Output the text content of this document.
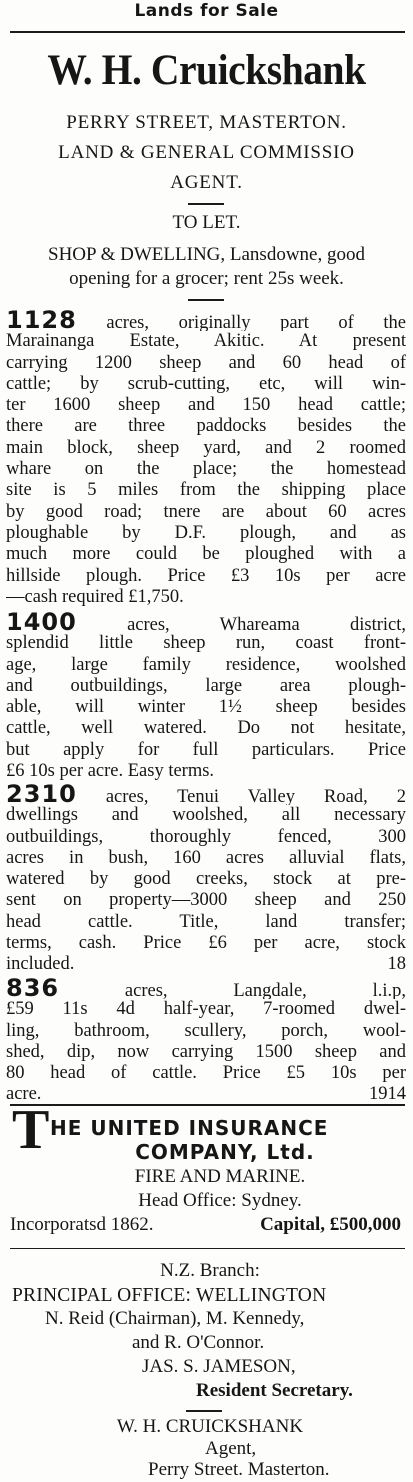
Lands for Sale
W. H. Cruickshank
PERRY STREET, MASTERTON.
LAND & GENERAL COMMISSIO
AGENT.
TO LET.
SHOP & DWELLING, Lansdowne, good
opening for a grocer; rent 25s week.
1128 acres, originally part of the
Marainanga Estate, Akitic. At present
carrying 1200 sheep and 60 head of
cattle; by scrub-cutting, etc, will win-
ter 1600 sheep and 150 head cattle;
there are three paddocks besides the
main block, sheep yard, and 2 roomed
whare on the place; the homestead
site is 5 miles from the shipping place
by good road; tnere are about 60 acres
ploughable by D.F. plough, and as
much more could be ploughed with a
hillside plough. Price £3 10s per acre
—cash required £1,750.
1400 acres, Whareama district,
splendid little sheep run, coast front-
age, large family residence, woolshed
and outbuildings, large area plough-
able, will winter 1½ sheep besides
cattle, well watered. Do not hesitate,
but apply for full particulars. Price
£6 10s per acre. Easy terms.
2310 acres, Tenui Valley Road, 2
dwellings and woolshed, all necessary
outbuildings, thoroughly fenced, 300
acres in bush, 160 acres alluvial flats,
watered by good creeks, stock at pre-
sent on property—3000 sheep and 250
head cattle. Title, land transfer;
terms, cash. Price £6 per acre, stock
included.	18
836 acres, Langdale, l.i.p,
£59 11s 4d half-year, 7-roomed dwel-
ling, bathroom, scullery, porch, wool-
shed, dip, now carrying 1500 sheep and
80 head of cattle. Price £5 10s per
acre.	1914
T HE UNITED INSURANCE
COMPANY, Ltd.
FIRE AND MARINE.
Head Office: Sydney.
Incorporatsd 1862.	Capital, £500,000
N.Z. Branch:
PRINCIPAL OFFICE: WELLINGTON
N. Reid (Chairman), M. Kennedy,
and R. O'Connor.
JAS. S. JAMESON,
Resident Secretary.
W. H. CRUICKSHANK
Agent,
Perry Street. Masterton.
